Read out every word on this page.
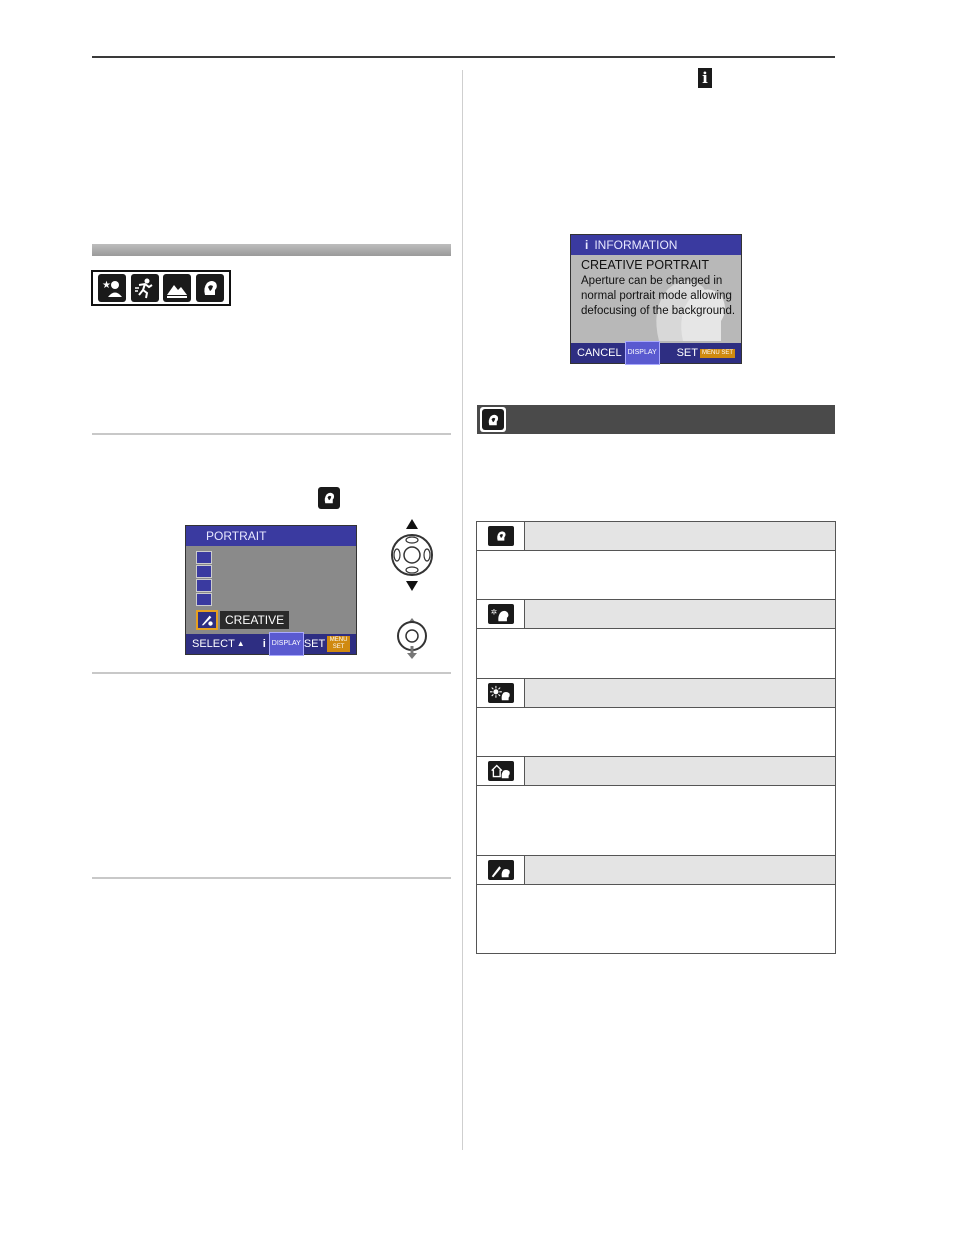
★
i
PORTRAIT
CREATIVE
SELECT ▲ i DISPLAY SET MENU SET
i INFORMATION
CREATIVE PORTRAIT
Aperture can be changed in normal portrait mode allowing defocusing of the background.
CANCEL DISPLAY SET MENU SET
✲
